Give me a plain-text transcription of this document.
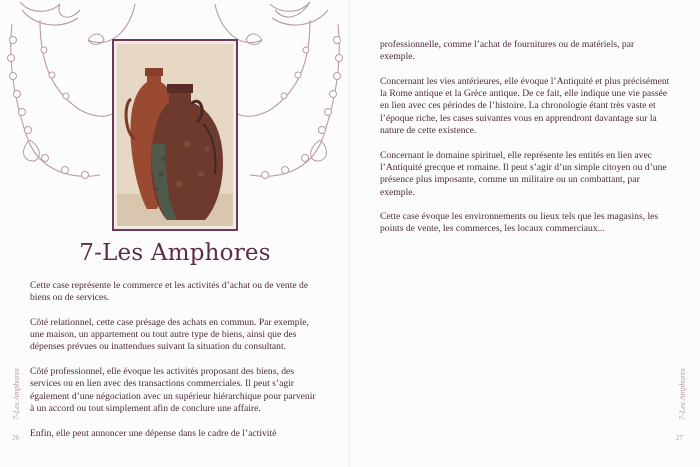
7-Les Amphores

Cette case représente le commerce et les activités d’achat ou de vente de biens ou de services.

Côté relationnel, cette case présage des achats en commun. Par exemple, une maison, un appartement ou tout autre type de biens, ainsi que des dépenses prévues ou inattendues suivant la situation du consultant.

Côté professionnel, elle évoque les activités proposant des biens, des services ou en lien avec des transactions commerciales. Il peut s’agir également d’une négociation avec un supérieur hiérarchique pour parvenir à un accord ou tout simplement afin de conclure une affaire.

Enfin, elle peut annoncer une dépense dans le cadre de l’activité

7-Les Amphores
26

professionnelle, comme l’achat de fournitures ou de matériels, par exemple.

Concernant les vies antérieures, elle évoque l’Antiquité et plus précisément la Rome antique et la Grèce antique. De ce fait, elle indique une vie passée en lien avec ces périodes de l’histoire. La chronologie étant très vaste et l’époque riche, les cases suivantes vous en apprendront davantage sur la nature de cette existence.

Concernant le domaine spirituel, elle représente les entités en lien avec l’Antiquité grecque et romaine. Il peut s’agir d’un simple citoyen ou d’une présence plus imposante, comme un militaire ou un combattant, par exemple.

Cette case évoque les environnements ou lieux tels que les magasins, les points de vente, les commerces, les locaux commerciaux...

7-Les Amphores
27
